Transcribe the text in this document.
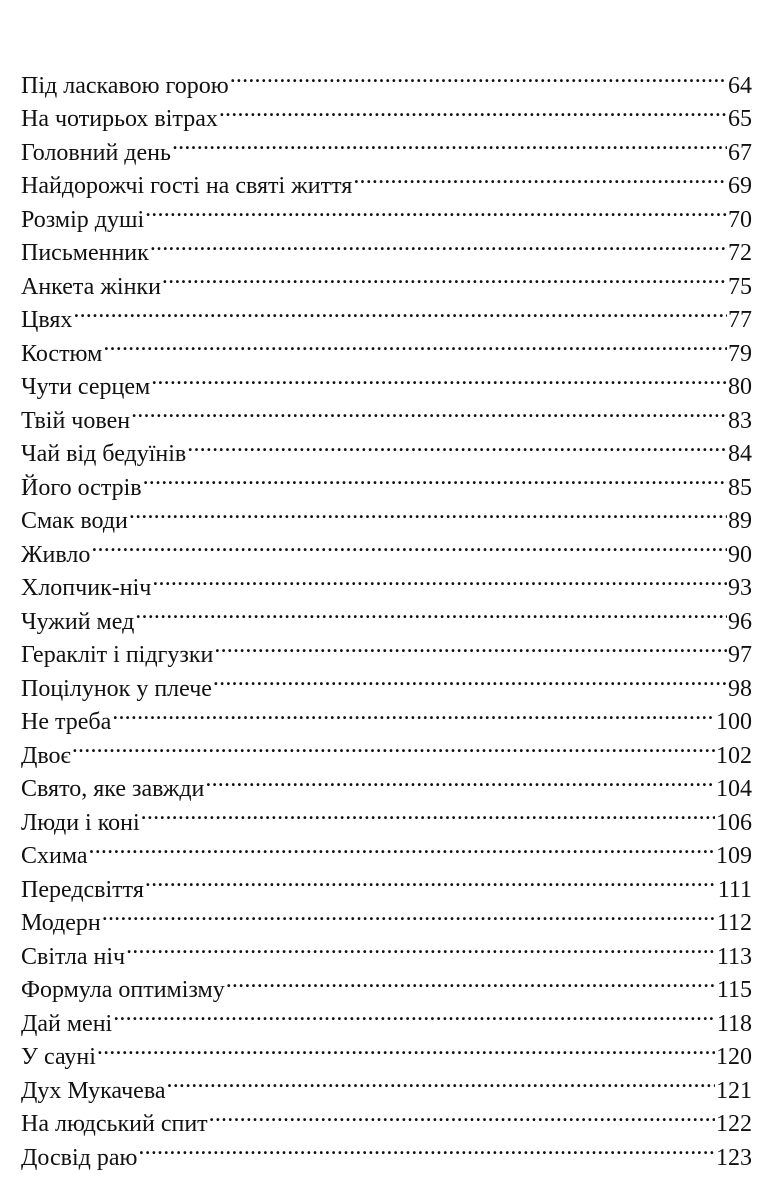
Під ласкавою горою .....	64
На чотирьох вітрах .....	65
Головний день .....	67
Найдорожчі гості на святі життя .....	69
Розмір душі .....	70
Письменник .....	72
Анкета жінки .....	75
Цвях .....	77
Костюм .....	79
Чути серцем .....	80
Твій човен .....	83
Чай від бедуїнів .....	84
Його острів .....	85
Смак води .....	89
Живло .....	90
Хлопчик-ніч .....	93
Чужий мед .....	96
Геракліт і підгузки .....	97
Поцілунок у плече .....	98
Не треба .....	100
Двоє .....	102
Свято, яке завжди .....	104
Люди і коні .....	106
Схима .....	109
Передсвіття .....	111
Модерн .....	112
Світла ніч .....	113
Формула оптимізму .....	115
Дай мені .....	118
У сауні .....	120
Дух Мукачева .....	121
На людський спит .....	122
Досвід раю .....	123
